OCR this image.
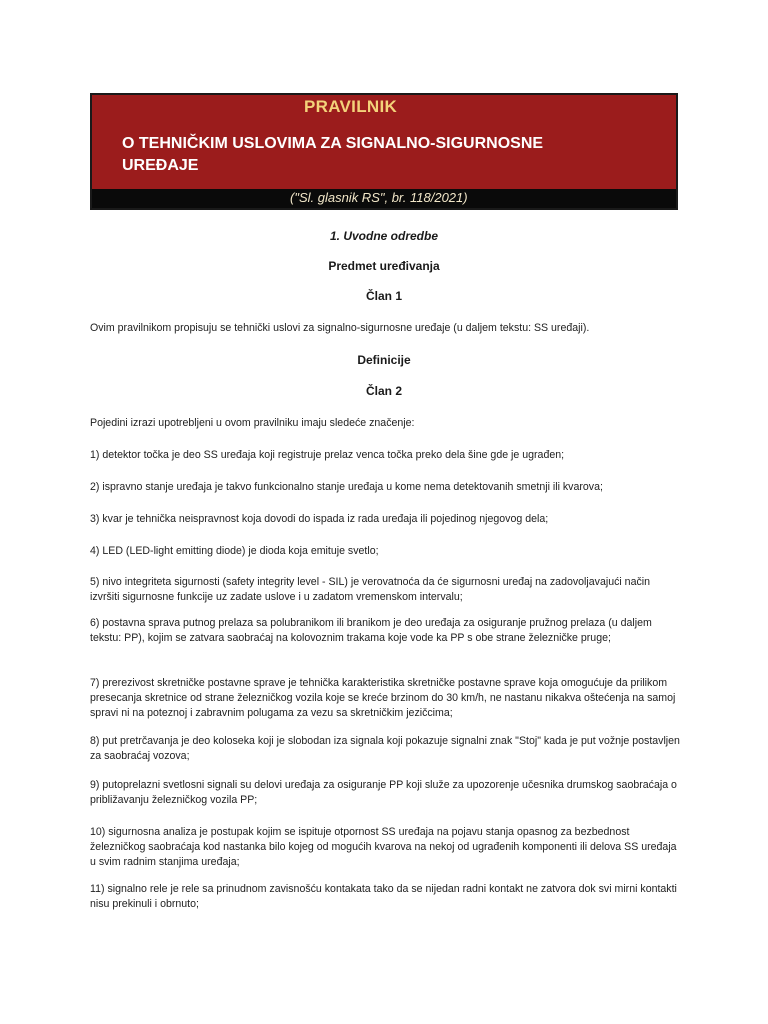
PRAVILNIK
O TEHNIČKIM USLOVIMA ZA SIGNALNO-SIGURNOSNE UREĐAJE
("Sl. glasnik RS", br. 118/2021)
1. Uvodne odredbe
Predmet uređivanja
Član 1
Ovim pravilnikom propisuju se tehnički uslovi za signalno-sigurnosne uređaje (u daljem tekstu: SS uređaji).
Definicije
Član 2
Pojedini izrazi upotrebljeni u ovom pravilniku imaju sledeće značenje:
1) detektor točka je deo SS uređaja koji registruje prelaz venca točka preko dela šine gde je ugrađen;
2) ispravno stanje uređaja je takvo funkcionalno stanje uređaja u kome nema detektovanih smetnji ili kvarova;
3) kvar je tehnička neispravnost koja dovodi do ispada iz rada uređaja ili pojedinog njegovog dela;
4) LED (LED-light emitting diode) je dioda koja emituje svetlo;
5) nivo integriteta sigurnosti (safety integrity level - SIL) je verovatnoća da će sigurnosni uređaj na zadovoljavajući način izvršiti sigurnosne funkcije uz zadate uslove i u zadatom vremenskom intervalu;
6) postavna sprava putnog prelaza sa polubranikom ili branikom je deo uređaja za osiguranje pružnog prelaza (u daljem tekstu: PP), kojim se zatvara saobraćaj na kolovoznim trakama koje vode ka PP s obe strane železničke pruge;
7) prerezivost skretničke postavne sprave je tehnička karakteristika skretničke postavne sprave koja omogućuje da prilikom presecanja skretnice od strane železničkog vozila koje se kreće brzinom do 30 km/h, ne nastanu nikakva oštećenja na samoj spravi ni na poteznoj i zabravnim polugama za vezu sa skretničkim jezičcima;
8) put pretrčavanja je deo koloseka koji je slobodan iza signala koji pokazuje signalni znak "Stoj" kada je put vožnje postavljen za saobraćaj vozova;
9) putoprelazni svetlosni signali su delovi uređaja za osiguranje PP koji služe za upozorenje učesnika drumskog saobraćaja o približavanju železničkog vozila PP;
10) sigurnosna analiza je postupak kojim se ispituje otpornost SS uređaja na pojavu stanja opasnog za bezbednost železničkog saobraćaja kod nastanka bilo kojeg od mogućih kvarova na nekoj od ugrađenih komponenti ili delova SS uređaja u svim radnim stanjima uređaja;
11) signalno rele je rele sa prinudnom zavisnošću kontakata tako da se nijedan radni kontakt ne zatvora dok svi mirni kontakti nisu prekinuli i obrnuto;
